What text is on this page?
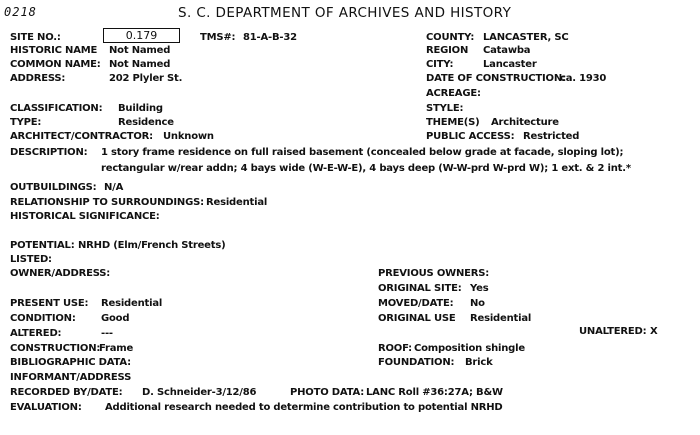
0218	S. C. DEPARTMENT OF ARCHIVES AND HISTORY
SITE NO.:	0.179	TMS#: 81-A-B-32	COUNTY: LANCASTER, SC
HISTORIC NAME Not Named	REGION Catawba
COMMON NAME: Not Named	CITY:	Lancaster
ADDRESS:	202 Plyler St.	DATE OF CONSTRUCTION:
ca. 1930
ACREAGE:
CLASSIFICATION: Building	STYLE:
TYPE:	Residence	THEME(S) Architecture
ARCHITECT/CONTRACTOR: Unknown	PUBLIC ACCESS: Restricted
DESCRIPTION: 1 story frame residence on full raised basement (concealed below grade at facade, sloping lot);
rectangular w/rear addn; 4 bays wide (W-E-W-E), 4 bays deep (W-W-prd W-prd W); 1 ext. & 2 int.*
OUTBUILDINGS: N/A
RELATIONSHIP TO SURROUNDINGS: Residential
HISTORICAL SIGNIFICANCE:
POTENTIAL: NRHD (Elm/French Streets)
LISTED:
OWNER/ADDRESS:	PREVIOUS OWNERS:
ORIGINAL SITE: Yes
PRESENT USE: Residential	MOVED/DATE: No
CONDITION:	Good	ORIGINAL USE Residential
ALTERED:	---	UNALTERED: X
CONSTRUCTION:
Frame	ROOF: Composition shingle
BIBLIOGRAPHIC DATA:	FOUNDATION: Brick
INFORMANT/ADDRESS
RECORDED BY/DATE: D. Schneider-3/12/86	PHOTO DATA: LANC Roll #36:27A; B&W
EVALUATION: Additional research needed to determine contribution to potential NRHD
